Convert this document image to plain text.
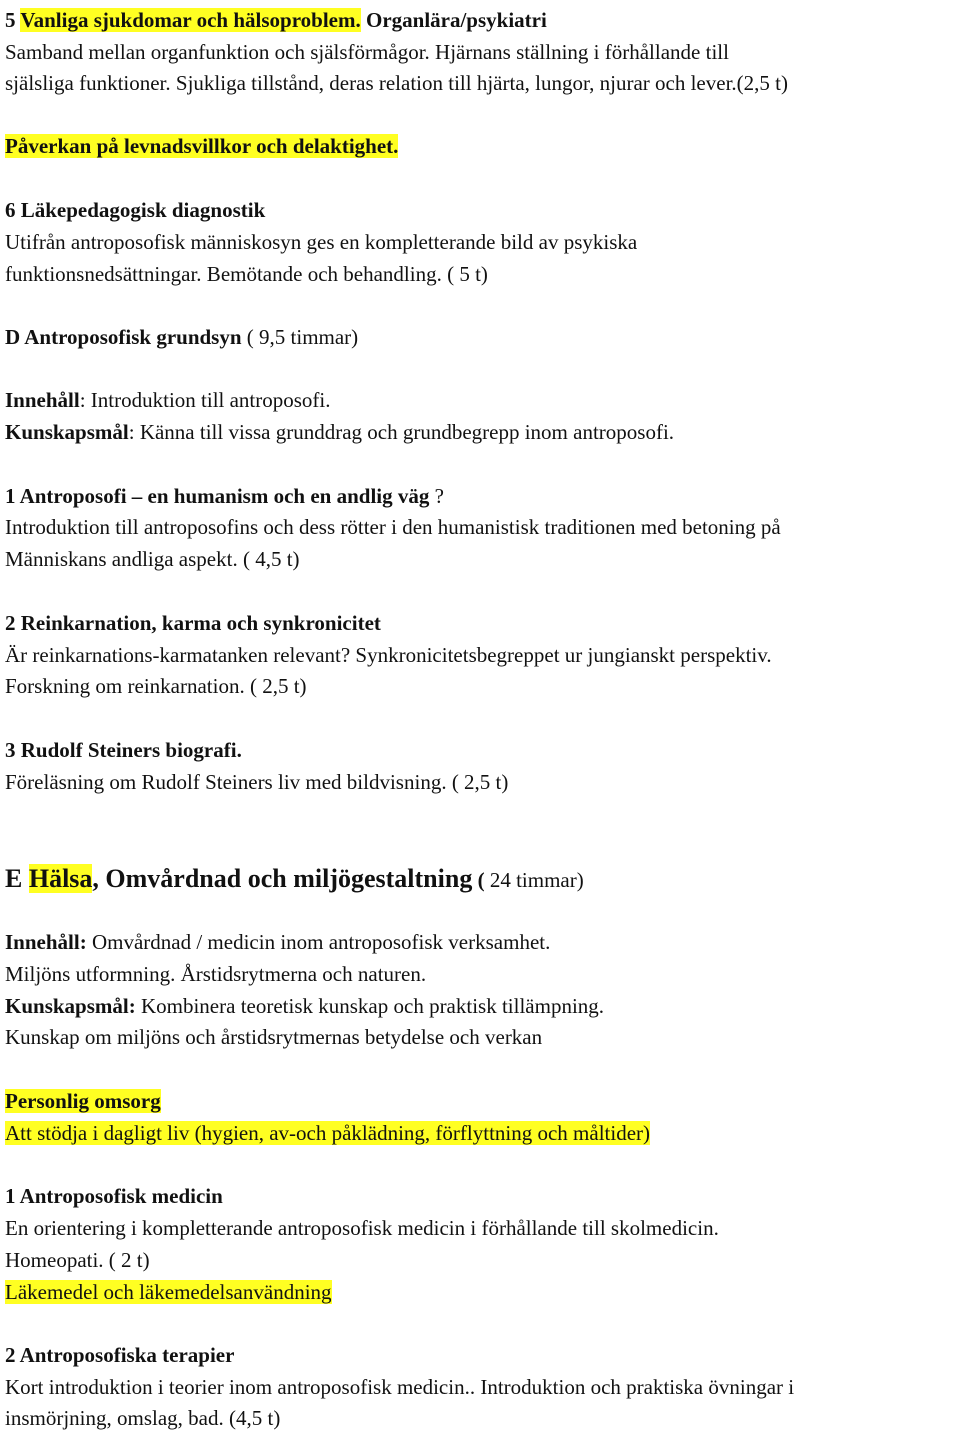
5 Vanliga sjukdomar och hälsoproblem. Organlära/psykiatri
Samband mellan organfunktion och själsförmågor. Hjärnans ställning i förhållande till
själsliga funktioner. Sjukliga tillstånd, deras relation till hjärta, lungor, njurar och lever.(2,5 t)
Påverkan på levnadsvillkor och delaktighet.
6 Läkepedagogisk diagnostik
Utifrån antroposofisk människosyn ges en kompletterande bild av psykiska
funktionsnedsättningar. Bemötande och behandling. ( 5 t)
D Antroposofisk grundsyn ( 9,5 timmar)
Innehåll: Introduktion till antroposofi.
Kunskapsmål: Känna till vissa grunddrag och grundbegrepp inom antroposofi.
1 Antroposofi – en humanism och en andlig väg ?
Introduktion till antroposofins och dess rötter i den humanistisk traditionen med betoning på
Människans andliga aspekt. ( 4,5 t)
2 Reinkarnation, karma och synkronicitet
Är reinkarnations-karmatanken relevant? Synkronicitetsbegreppet ur jungianskt perspektiv.
Forskning om reinkarnation. ( 2,5 t)
3 Rudolf Steiners biografi.
Föreläsning om Rudolf Steiners liv med bildvisning. ( 2,5 t)
E Hälsa, Omvårdnad och miljögestaltning ( 24 timmar)
Innehåll: Omvårdnad / medicin inom antroposofisk verksamhet.
Miljöns utformning. Årstidsrytmerna och naturen.
Kunskapsmål: Kombinera teoretisk kunskap och praktisk tillämpning.
Kunskap om miljöns och årstidsrytmernas betydelse och verkan
Personlig omsorg
Att stödja i dagligt liv (hygien, av-och påklädning, förflyttning och måltider)
1 Antroposofisk medicin
En orientering i kompletterande antroposofisk medicin i förhållande till skolmedicin.
Homeopati. ( 2 t)
Läkemedel och läkemedelsanvändning
2 Antroposofiska terapier
Kort introduktion i teorier inom antroposofisk medicin.. Introduktion och praktiska övningar i
insmörjning, omslag, bad. (4,5 t)
